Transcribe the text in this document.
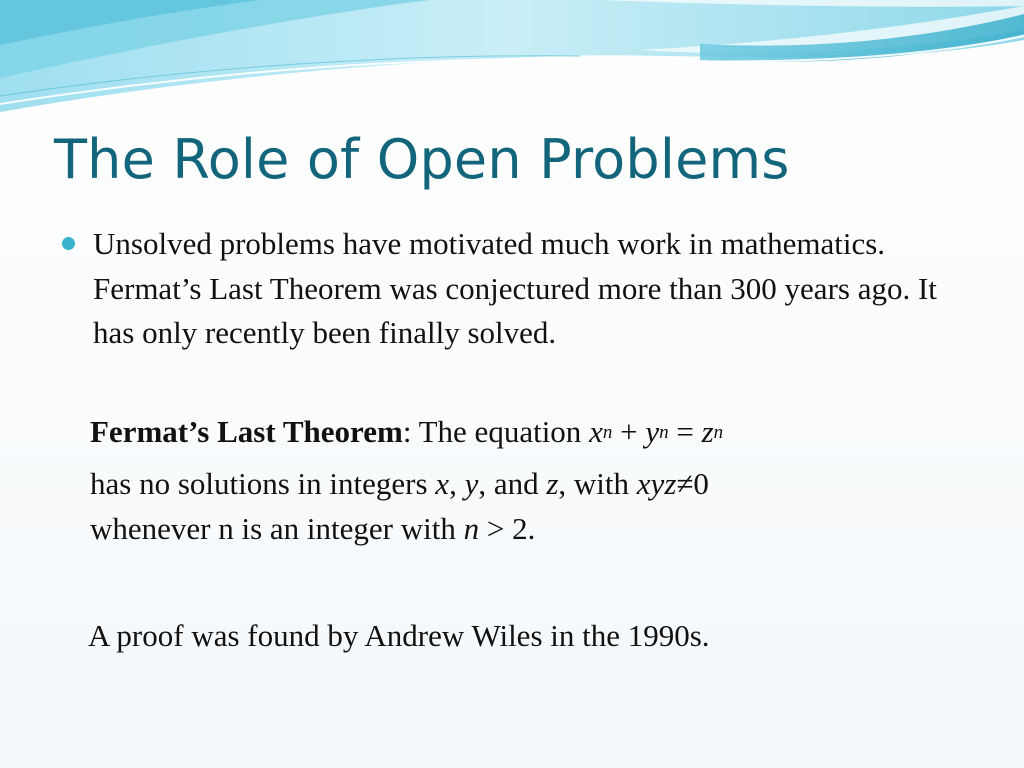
The Role of Open Problems

Unsolved problems have motivated much work in mathematics. Fermat’s Last Theorem was conjectured more than 300 years ago. It has only recently been finally solved.

Fermat’s Last Theorem: The equation $x^n + y^n = z^n$

has no solutions in integers x, y, and z, with xyz≠0

whenever n is an integer with n > 2.

A proof was found by Andrew Wiles in the 1990s.
